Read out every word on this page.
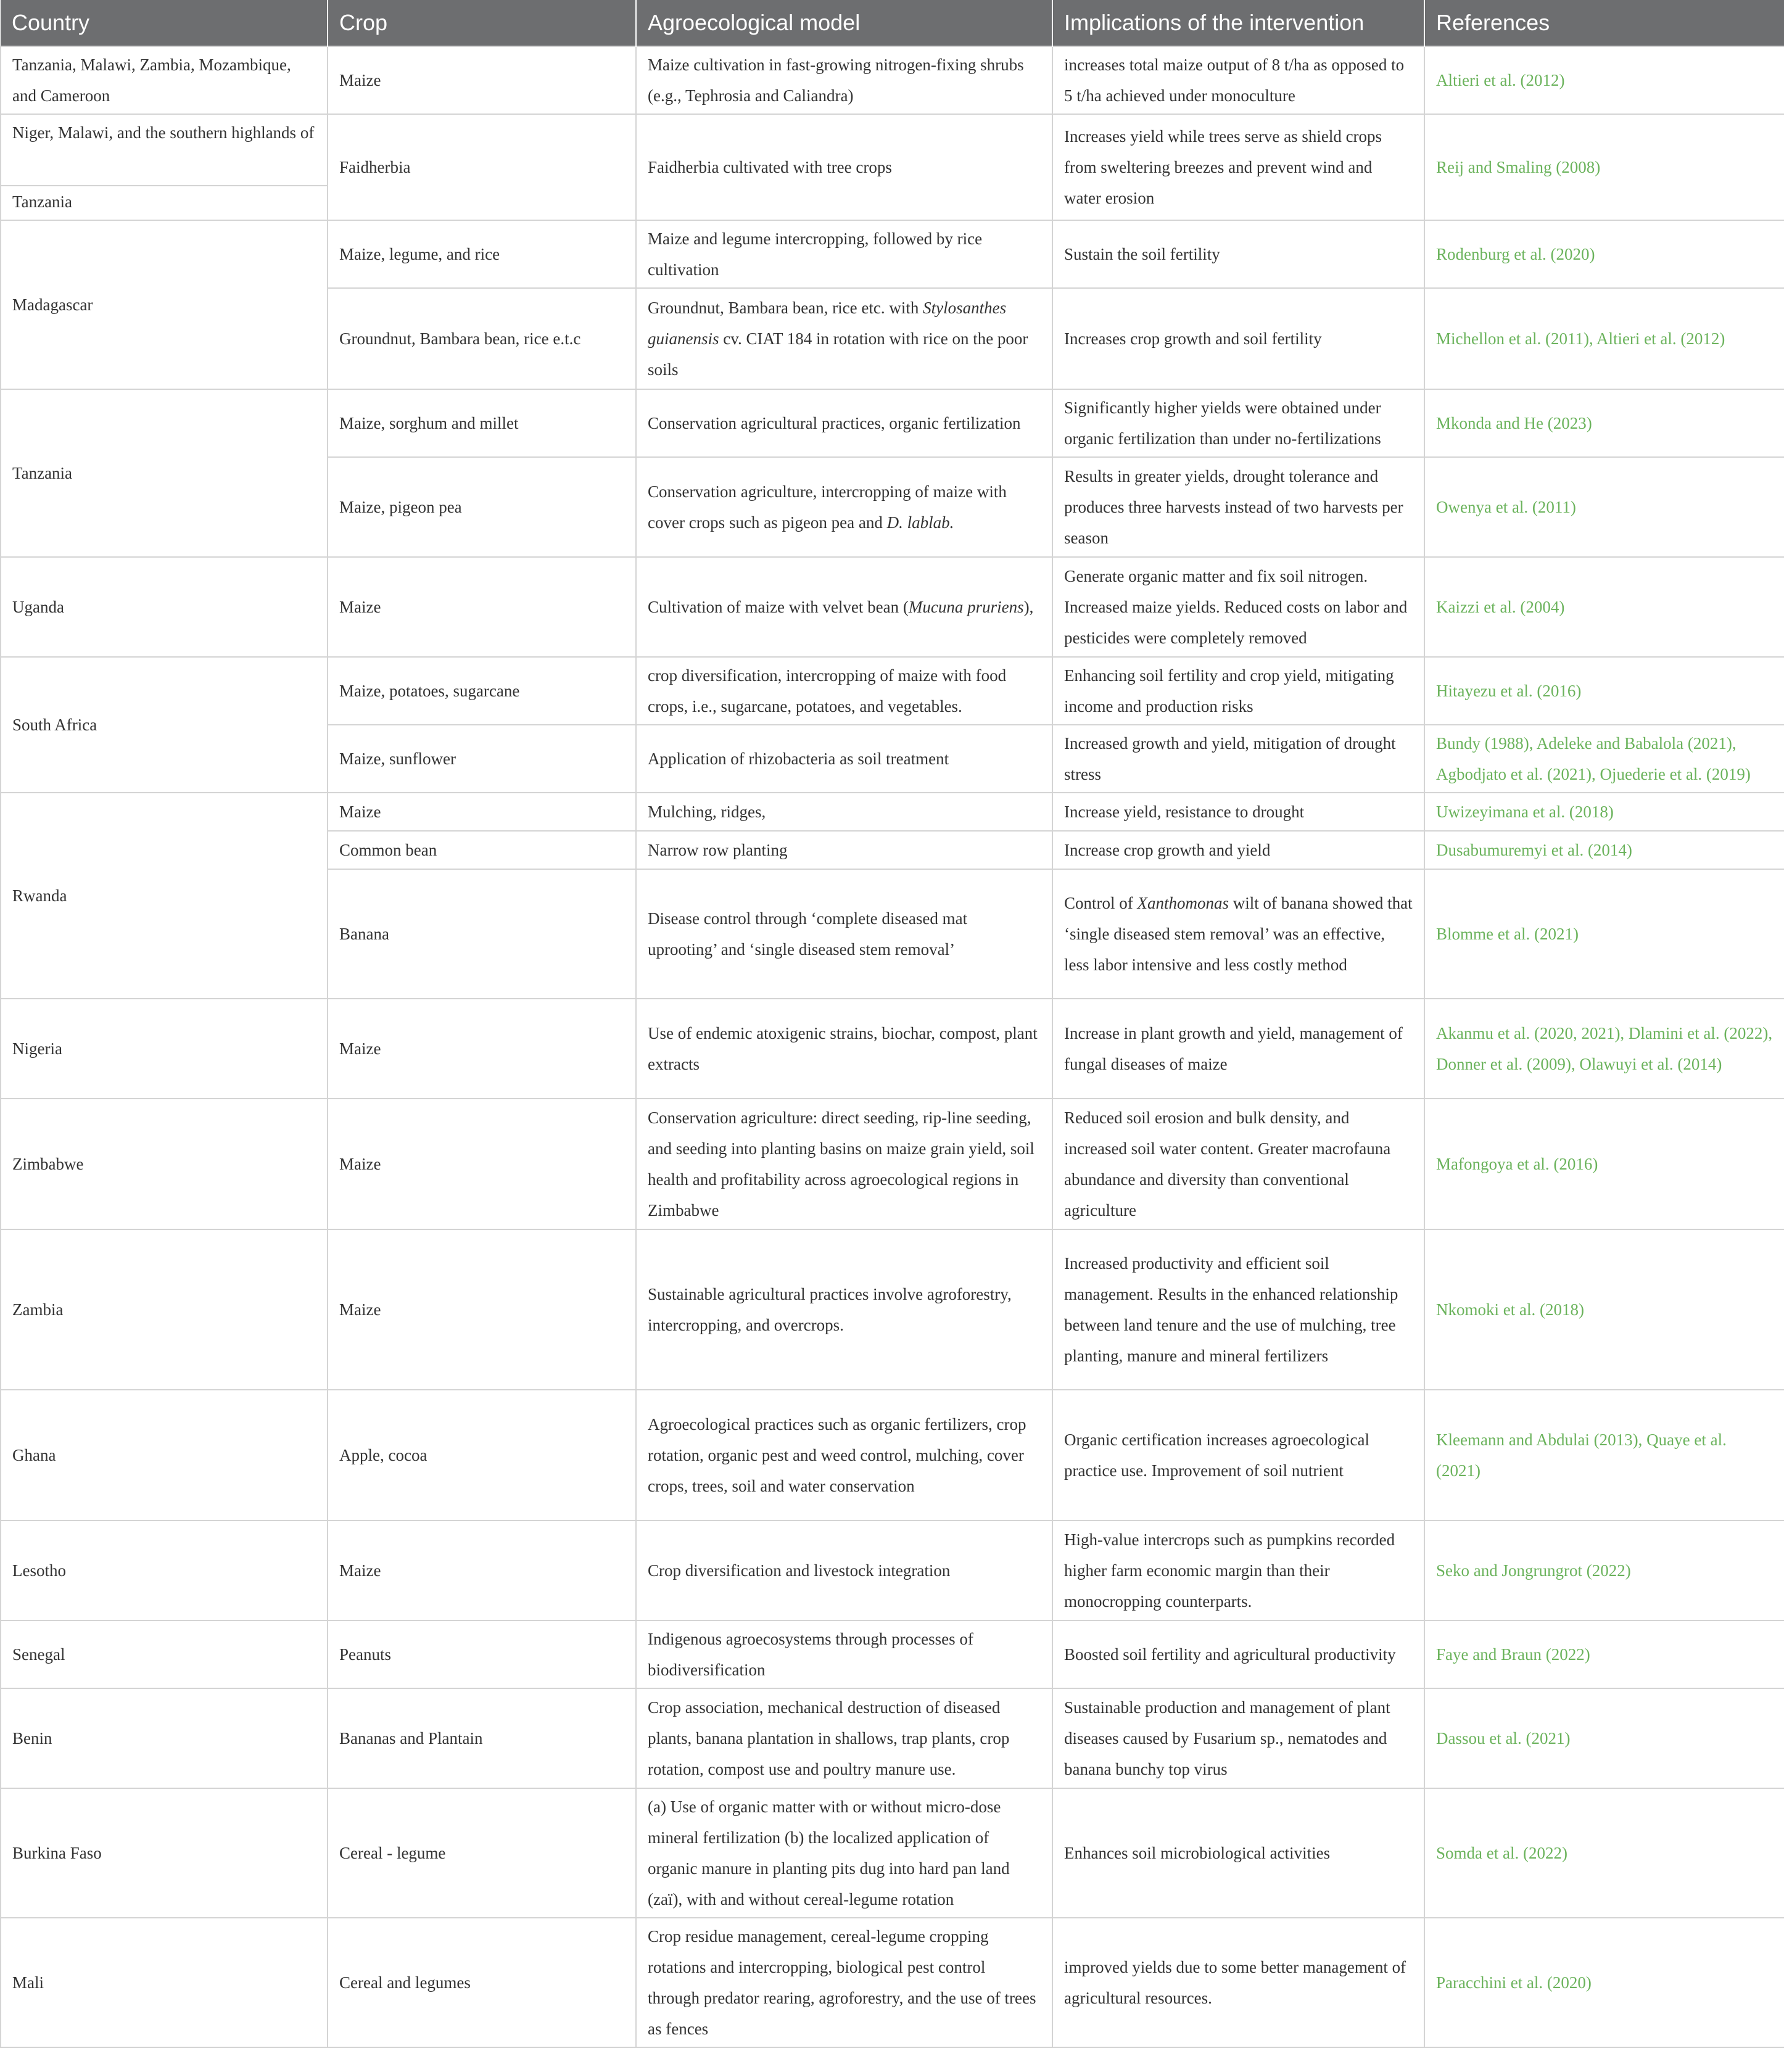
Country	Crop	Agroecological model	Implications of the intervention	References
Tanzania, Malawi, Zambia, Mozambique, and Cameroon	Maize	Maize cultivation in fast-growing nitrogen-fixing shrubs (e.g., Tephrosia and Caliandra)	increases total maize output of 8 t/ha as opposed to 5 t/ha achieved under monoculture	Altieri et al. (2012)

Niger, Malawi, and the southern highlands of
Tanzania	Faidherbia	Faidherbia cultivated with tree crops	Increases yield while trees serve as shield crops from sweltering breezes and prevent wind and water erosion	Reij and Smaling (2008)
Madagascar	Maize, legume, and rice	Maize and legume intercropping, followed by rice cultivation	Sustain the soil fertility	Rodenburg et al. (2020)
	Groundnut, Bambara bean, rice e.t.c	Groundnut, Bambara bean, rice etc. with Stylosanthes guianensis cv. CIAT 184 in rotation with rice on the poor soils	Increases crop growth and soil fertility	Michellon et al. (2011), Altieri et al. (2012)
Tanzania	Maize, sorghum and millet	Conservation agricultural practices, organic fertilization	Significantly higher yields were obtained under organic fertilization than under no-fertilizations	Mkonda and He (2023)
	Maize, pigeon pea	Conservation agriculture, intercropping of maize with cover crops such as pigeon pea and D. lablab.	Results in greater yields, drought tolerance and produces three harvests instead of two harvests per season	Owenya et al. (2011)
Uganda	Maize	Cultivation of maize with velvet bean (Mucuna pruriens),	Generate organic matter and fix soil nitrogen. Increased maize yields. Reduced costs on labor and pesticides were completely removed	Kaizzi et al. (2004)
South Africa	Maize, potatoes, sugarcane	crop diversification, intercropping of maize with food crops, i.e., sugarcane, potatoes, and vegetables.	Enhancing soil fertility and crop yield, mitigating income and production risks	Hitayezu et al. (2016)
	Maize, sunflower	Application of rhizobacteria as soil treatment	Increased growth and yield, mitigation of drought stress	Bundy (1988), Adeleke and Babalola (2021), Agbodjato et al. (2021), Ojuederie et al. (2019)
Rwanda	Maize	Mulching, ridges,	Increase yield, resistance to drought	Uwizeyimana et al. (2018)
	Common bean	Narrow row planting	Increase crop growth and yield	Dusabumuremyi et al. (2014)
	Banana	Disease control through ‘complete diseased mat uprooting’ and ‘single diseased stem removal’	Control of Xanthomonas wilt of banana showed that ‘single diseased stem removal’ was an effective, less labor intensive and less costly method	Blomme et al. (2021)
Nigeria	Maize	Use of endemic atoxigenic strains, biochar, compost, plant extracts	Increase in plant growth and yield, management of fungal diseases of maize	Akanmu et al. (2020, 2021), Dlamini et al. (2022), Donner et al. (2009), Olawuyi et al. (2014)
Zimbabwe	Maize	Conservation agriculture: direct seeding, rip-line seeding, and seeding into planting basins on maize grain yield, soil health and profitability across agroecological regions in Zimbabwe	Reduced soil erosion and bulk density, and increased soil water content. Greater macrofauna abundance and diversity than conventional agriculture	Mafongoya et al. (2016)
Zambia	Maize	Sustainable agricultural practices involve agroforestry, intercropping, and overcrops.	Increased productivity and efficient soil management. Results in the enhanced relationship between land tenure and the use of mulching, tree planting, manure and mineral fertilizers	Nkomoki et al. (2018)
Ghana	Apple, cocoa	Agroecological practices such as organic fertilizers, crop rotation, organic pest and weed control, mulching, cover crops, trees, soil and water conservation	Organic certification increases agroecological practice use. Improvement of soil nutrient	Kleemann and Abdulai (2013), Quaye et al. (2021)
Lesotho	Maize	Crop diversification and livestock integration	High-value intercrops such as pumpkins recorded higher farm economic margin than their monocropping counterparts.	Seko and Jongrungrot (2022)
Senegal	Peanuts	Indigenous agroecosystems through processes of biodiversification	Boosted soil fertility and agricultural productivity	Faye and Braun (2022)
Benin	Bananas and Plantain	Crop association, mechanical destruction of diseased plants, banana plantation in shallows, trap plants, crop rotation, compost use and poultry manure use.	Sustainable production and management of plant diseases caused by Fusarium sp., nematodes and banana bunchy top virus	Dassou et al. (2021)
Burkina Faso	Cereal - legume	(a) Use of organic matter with or without micro-dose mineral fertilization (b) the localized application of organic manure in planting pits dug into hard pan land (zaï), with and without cereal-legume rotation	Enhances soil microbiological activities	Somda et al. (2022)
Mali	Cereal and legumes	Crop residue management, cereal-legume cropping rotations and intercropping, biological pest control through predator rearing, agroforestry, and the use of trees as fences	improved yields due to some better management of agricultural resources.	Paracchini et al. (2020)
